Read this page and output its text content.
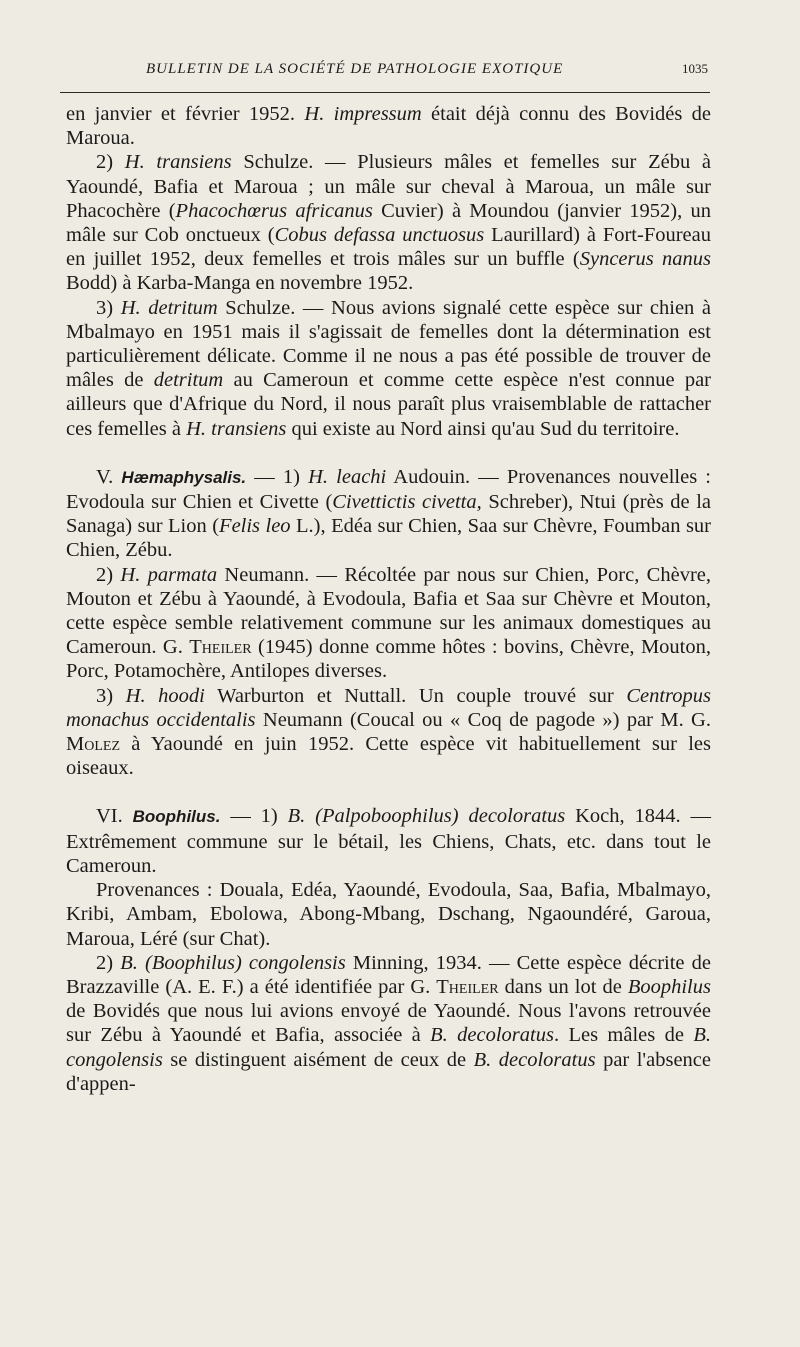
BULLETIN DE LA SOCIÉTÉ DE PATHOLOGIE EXOTIQUE	1035

en janvier et février 1952. H. impressum était déjà connu des Bovidés de Maroua.

2) H. transiens Schulze. — Plusieurs mâles et femelles sur Zébu à Yaoundé, Bafia et Maroua ; un mâle sur cheval à Maroua, un mâle sur Phacochère (Phacochœrus africanus Cuvier) à Moundou (janvier 1952), un mâle sur Cob onctueux (Cobus defassa unctuosus Laurillard) à Fort-Foureau en juillet 1952, deux femelles et trois mâles sur un buffle (Syncerus nanus Bodd) à Karba-Manga en novembre 1952.

3) H. detritum Schulze. — Nous avions signalé cette espèce sur chien à Mbalmayo en 1951 mais il s'agissait de femelles dont la détermination est particulièrement délicate. Comme il ne nous a pas été possible de trouver de mâles de detritum au Cameroun et comme cette espèce n'est connue par ailleurs que d'Afrique du Nord, il nous paraît plus vraisemblable de rattacher ces femelles à H. transiens qui existe au Nord ainsi qu'au Sud du territoire.

V. Hæmaphysalis. — 1) H. leachi Audouin. — Provenances nouvelles : Evodoula sur Chien et Civette (Civettictis civetta, Schreber), Ntui (près de la Sanaga) sur Lion (Felis leo L.), Edéa sur Chien, Saa sur Chèvre, Foumban sur Chien, Zébu.

2) H. parmata Neumann. — Récoltée par nous sur Chien, Porc, Chèvre, Mouton et Zébu à Yaoundé, à Evodoula, Bafia et Saa sur Chèvre et Mouton, cette espèce semble relativement commune sur les animaux domestiques au Cameroun. G. Theiler (1945) donne comme hôtes : bovins, Chèvre, Mouton, Porc, Potamochère, Antilopes diverses.

3) H. hoodi Warburton et Nuttall. Un couple trouvé sur Centropus monachus occidentalis Neumann (Coucal ou « Coq de pagode ») par M. G. Molez à Yaoundé en juin 1952. Cette espèce vit habituellement sur les oiseaux.

VI. Boophilus. — 1) B. (Palpoboophilus) decoloratus Koch, 1844. — Extrêmement commune sur le bétail, les Chiens, Chats, etc. dans tout le Cameroun.

Provenances : Douala, Edéa, Yaoundé, Evodoula, Saa, Bafia, Mbalmayo, Kribi, Ambam, Ebolowa, Abong-Mbang, Dschang, Ngaoundéré, Garoua, Maroua, Léré (sur Chat).

2) B. (Boophilus) congolensis Minning, 1934. — Cette espèce décrite de Brazzaville (A. E. F.) a été identifiée par G. Theiler dans un lot de Boophilus de Bovidés que nous lui avions envoyé de Yaoundé. Nous l'avons retrouvée sur Zébu à Yaoundé et Bafia, associée à B. decoloratus. Les mâles de B. congolensis se distinguent aisément de ceux de B. decoloratus par l'absence d'appen-
